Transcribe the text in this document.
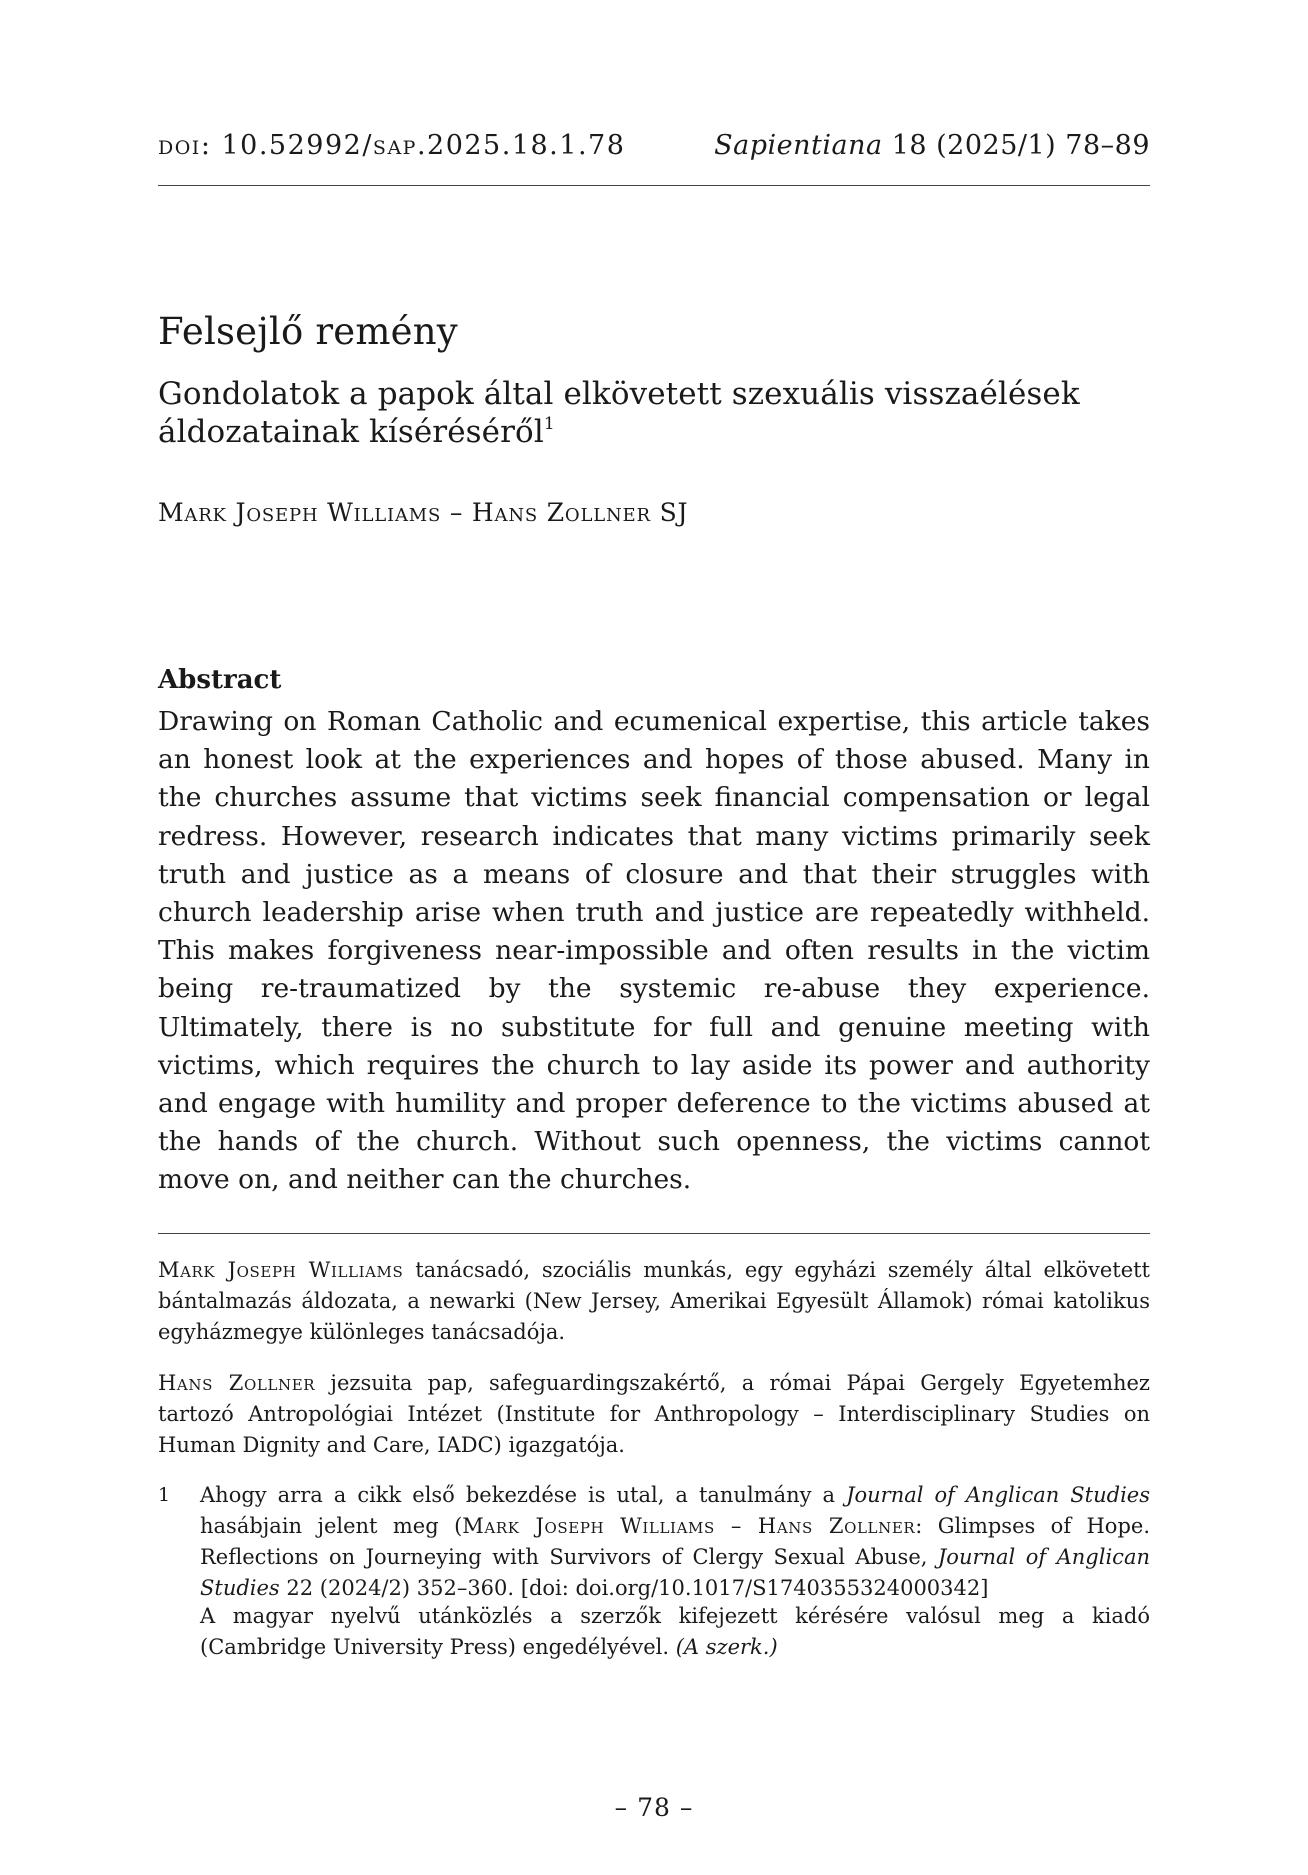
doi: 10.52992/sap.2025.18.1.78	Sapientiana 18 (2025/1) 78–89
Felsejlő remény
Gondolatok a papok által elkövetett szexuális visszaélések
áldozatainak kíséréséről$^1$
Mark Joseph Williams – Hans Zollner SJ
Abstract

Drawing on Roman Catholic and ecumenical expertise, this article takes an honest look at the experiences and hopes of those abused. Many in the churches assume that victims seek financial compensation or legal redress. However, research indicates that many victims primarily seek truth and justice as a means of closure and that their struggles with church leadership arise when truth and justice are repeatedly withheld. This makes forgiveness near-impossible and often results in the victim being re-traumatized by the systemic re-abuse they experience. Ultimately, there is no substitute for full and genuine meeting with victims, which requires the church to lay aside its power and authority and engage with humility and proper deference to the victims abused at the hands of the church. Without such openness, the victims cannot move on, and neither can the churches.

Mark Joseph Williams tanácsadó, szociális munkás, egy egyházi személy által elkövetett bántalmazás áldozata, a newarki (New Jersey, Amerikai Egyesült Államok) római katolikus egyházmegye különleges tanácsadója.

Hans Zollner jezsuita pap, safeguardingszakértő, a római Pápai Gergely Egyetemhez tartozó Antropológiai Intézet (Institute for Anthropology – Interdisciplinary Studies on Human Dignity and Care, IADC) igazgatója.

1	Ahogy arra a cikk első bekezdése is utal, a tanulmány a Journal of Anglican Studies hasábjain jelent meg (Mark Joseph Williams – Hans Zollner: Glimpses of Hope. Reflections on Journeying with Survivors of Clergy Sexual Abuse, Journal of Anglican Studies 22 (2024/2) 352–360. [doi: doi.org/10.1017/S1740355324000342]

A magyar nyelvű utánközlés a szerzők kifejezett kérésére valósul meg a kiadó (Cambridge University Press) engedélyével. (A szerk.)

– 78 –
